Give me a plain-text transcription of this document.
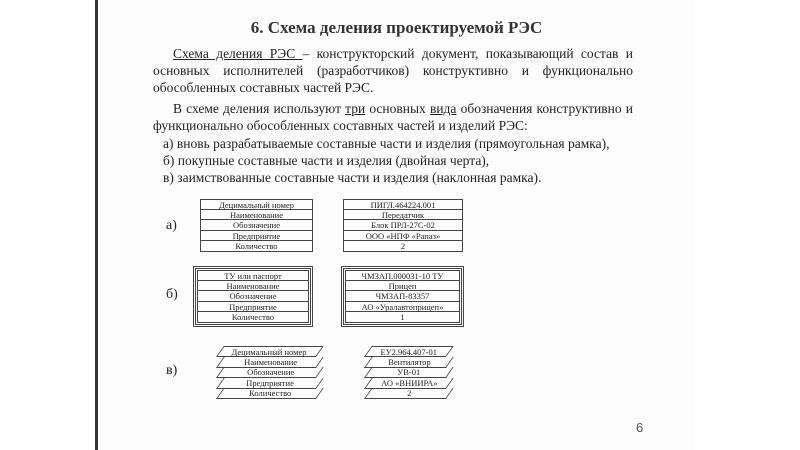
6. Схема деления проектируемой РЭС
Схема деления РЭС – конструкторский документ, показывающий состав и основных исполнителей (разработчиков) конструктивно и функционально обособленных составных частей РЭС.
В схеме деления используют три основных вида обозначения конструктивно и функционально обособленных составных частей и изделий РЭС:
а) вновь разрабатываемые составные части и изделия (прямоугольная рамка),
б) покупные составные части и изделия (двойная черта),
в) заимствованные составные части и изделия (наклонная рамка).
а)
б)
в)
Децимальный номер
Наименование
Обозначение
Предприятие
Количество
ПИГЛ.464224.001
Передатчик
Блок ПРЛ-27С-02
ООО «НПФ «Рапаз»
2
ТУ или паспорт
Наименование
Обозначение
Предприятие
Количество
ЧМЗАП.000031-10 ТУ
Прицеп
ЧМЗАП-83357
АО «Уралавтоприцеп»
1
Децимальный номер
Наименование
Обозначение
Предприятие
Количество
ЕУ2.964.407-01
Вентилятор
УВ-01
АО «ВНИИРА»
2
6
